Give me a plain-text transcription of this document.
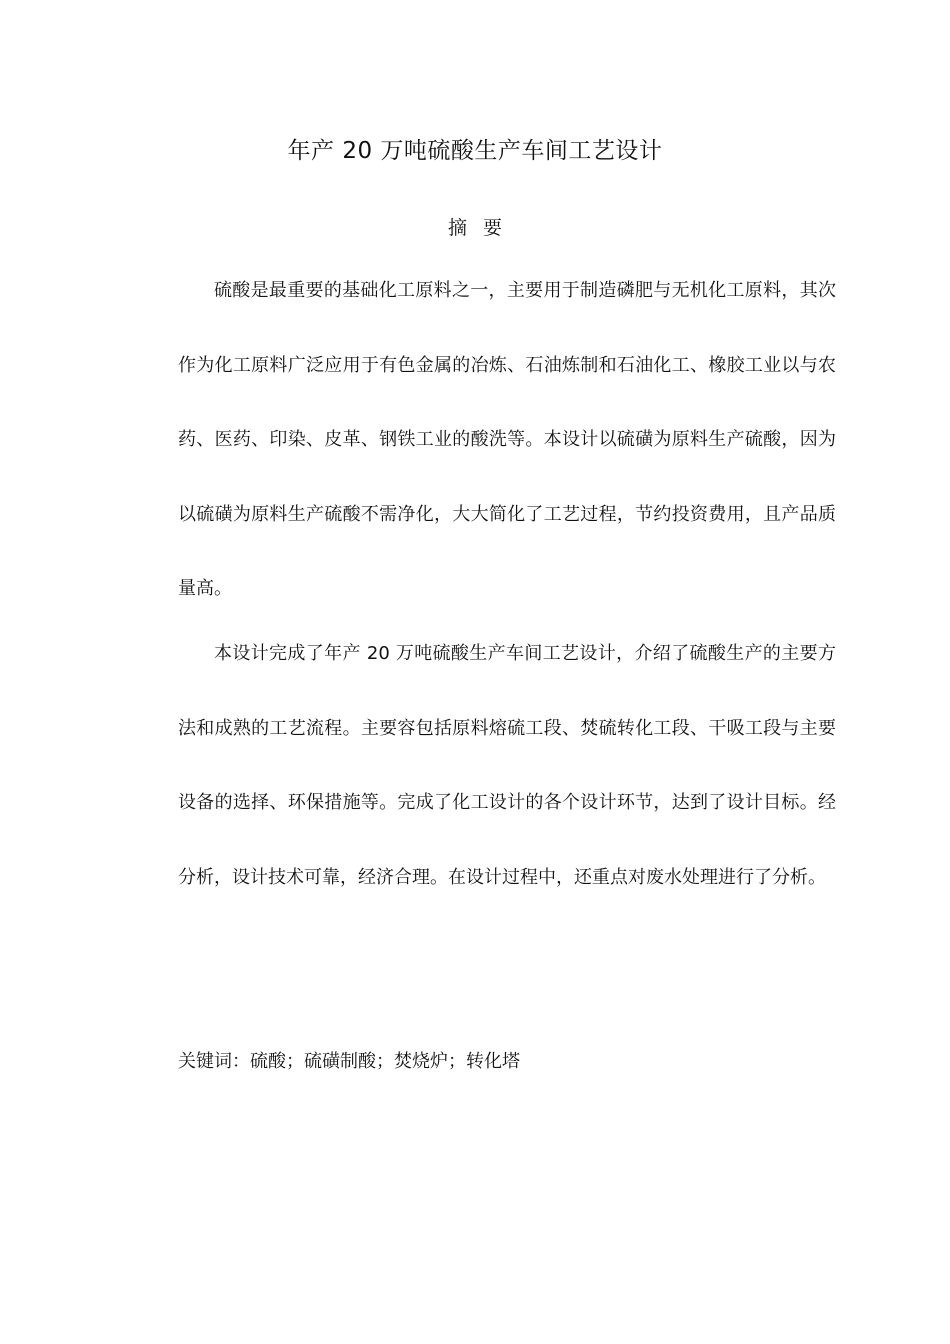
年产 20 万吨硫酸生产车间工艺设计
摘 要

硫酸是最重要的基础化工原料之一，主要用于制造磷肥与无机化工原料，其次作为化工原料广泛应用于有色金属的冶炼、石油炼制和石油化工、橡胶工业以与农药、医药、印染、皮革、钢铁工业的酸洗等。本设计以硫磺为原料生产硫酸，因为以硫磺为原料生产硫酸不需净化，大大简化了工艺过程，节约投资费用，且产品质量高。

本设计完成了年产 20 万吨硫酸生产车间工艺设计，介绍了硫酸生产的主要方法和成熟的工艺流程。主要容包括原料熔硫工段、焚硫转化工段、干吸工段与主要设备的选择、环保措施等。完成了化工设计的各个设计环节，达到了设计目标。经分析，设计技术可靠，经济合理。在设计过程中，还重点对废水处理进行了分析。

关键词：硫酸；硫磺制酸；焚烧炉；转化塔
